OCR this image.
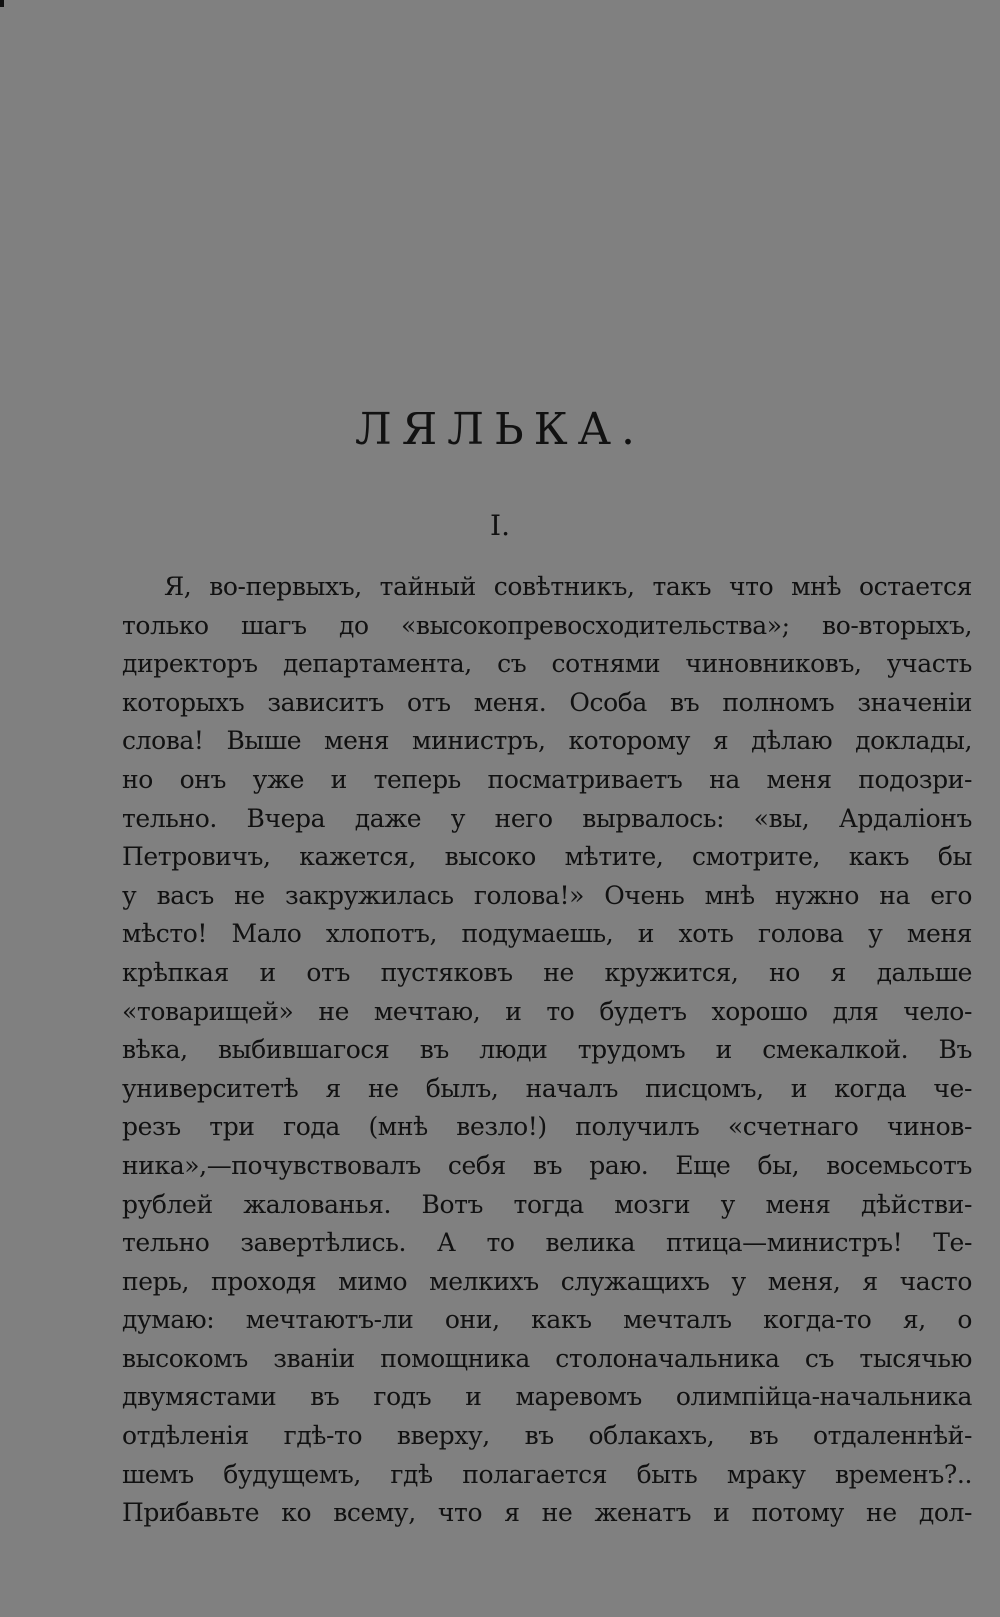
ЛЯЛЬКА.
I.
Я, во-первыхъ, тайный совѣтникъ, такъ что мнѣ остается
только шагъ до «высокопревосходительства»; во-вторыхъ,
директоръ департамента, съ сотнями чиновниковъ, участь
которыхъ зависитъ отъ меня. Особа въ полномъ значеніи
слова! Выше меня министръ, которому я дѣлаю доклады,
но онъ уже и теперь посматриваетъ на меня подозри-
тельно. Вчера даже у него вырвалось: «вы, Ардаліонъ
Петровичъ, кажется, высоко мѣтите, смотрите, какъ бы
у васъ не закружилась голова!» Очень мнѣ нужно на его
мѣсто! Мало хлопотъ, подумаешь, и хоть голова у меня
крѣпкая и отъ пустяковъ не кружится, но я дальше
«товарищей» не мечтаю, и то будетъ хорошо для чело-
вѣка, выбившагося въ люди трудомъ и смекалкой. Въ
университетѣ я не былъ, началъ писцомъ, и когда че-
резъ три года (мнѣ везло!) получилъ «счетнаго чинов-
ника»,—почувствовалъ себя въ раю. Еще бы, восемьсотъ
рублей жалованья. Вотъ тогда мозги у меня дѣйстви-
тельно завертѣлись. А то велика птица—министръ! Те-
перь, проходя мимо мелкихъ служащихъ у меня, я часто
думаю: мечтаютъ-ли они, какъ мечталъ когда-то я, о
высокомъ званіи помощника столоначальника съ тысячью
двумястами въ годъ и маревомъ олимпійца-начальника
отдѣленія гдѣ-то вверху, въ облакахъ, въ отдаленнѣй-
шемъ будущемъ, гдѣ полагается быть мраку временъ?..
Прибавьте ко всему, что я не женатъ и потому не дол-
